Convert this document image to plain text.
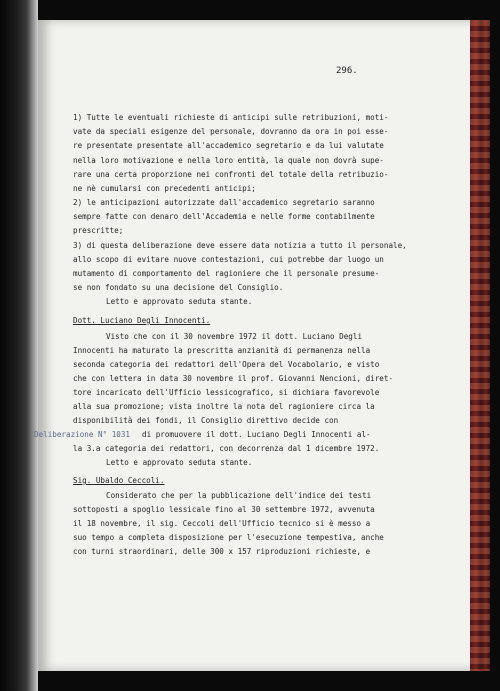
296.
1) Tutte le eventuali richieste di anticipi sulle retribuzioni, moti-
vate da speciali esigenze del personale, dovranno da ora in poi esse-
re presentate presentate all'accademico segretario e da lui valutate
nella loro motivazione e nella loro entità, la quale non dovrà supe-
rare una certa proporzione nei confronti del totale della retribuzio-
ne nè cumularsi con precedenti anticipi;
2) le anticipazioni autorizzate dall'accademico segretario saranno
sempre fatte con denaro dell'Accademia e nelle forme contabilmente
prescritte;
3) di questa deliberazione deve essere data notizia a tutto il personale,
allo scopo di evitare nuove contestazioni, cui potrebbe dar luogo un
mutamento di comportamento del ragioniere che il personale presume-
se non fondato su una decisione del Consiglio.
Letto e approvato seduta stante.
Dott. Luciano Degli Innocenti.
Visto che con il 30 novembre 1972 il dott. Luciano Degli
Innocenti ha maturato la prescritta anzianità di permanenza nella
seconda categoria dei redattori dell'Opera del Vocabolario, e visto
che con lettera in data 30 novembre il prof. Giovanni Nencioni, diret-
tore incaricato dell'Ufficio lessicografico, si dichiara favorevole
alla sua promozione; vista inoltre la nota del ragioniere circa la
disponibilità dei fondi, il Consiglio direttivo decide con
Deliberazione N° 1031 di promuovere il dott. Luciano Degli Innocenti al-
la 3.a categoria dei redattori, con decorrenza dal 1 dicembre 1972.
Letto e approvato seduta stante.
Sig. Ubaldo Ceccoli.
Considerato che per la pubblicazione dell'indice dei testi
sottoposti a spoglio lessicale fino al 30 settembre 1972, avvenuta
il 18 novembre, il sig. Ceccoli dell'Ufficio tecnico si è messo a
suo tempo a completa disposizione per l'esecuzione tempestiva, anche
con turni straordinari, delle 300 x 157 riproduzioni richieste, e
